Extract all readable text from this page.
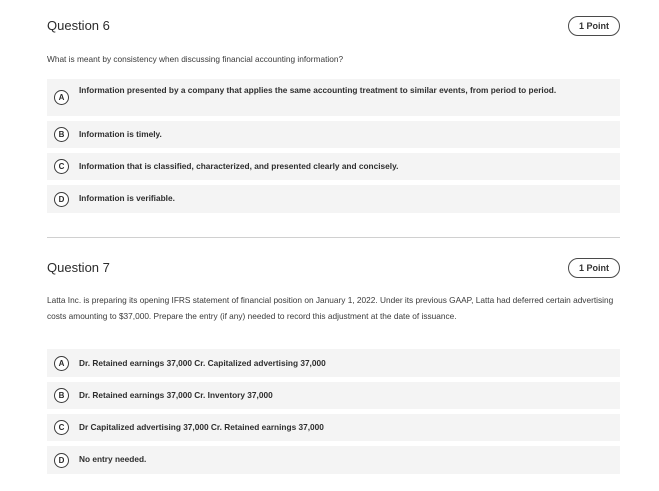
Question 6	1 Point
What is meant by consistency when discussing financial accounting information?
A
Information presented by a company that applies the same accounting treatment to similar events, from period to period.
B	Information is timely.
C	Information that is classified, characterized, and presented clearly and concisely.
D	Information is verifiable.
Question 7	1 Point
Latta Inc. is preparing its opening IFRS statement of financial position on January 1, 2022. Under its previous GAAP, Latta had deferred certain advertising costs amounting to $37,000. Prepare the entry (if any) needed to record this adjustment at the date of issuance.
A	Dr. Retained earnings 37,000 Cr. Capitalized advertising 37,000
B	Dr. Retained earnings 37,000 Cr. Inventory 37,000
C	Dr Capitalized advertising 37,000 Cr. Retained earnings 37,000
D	No entry needed.
